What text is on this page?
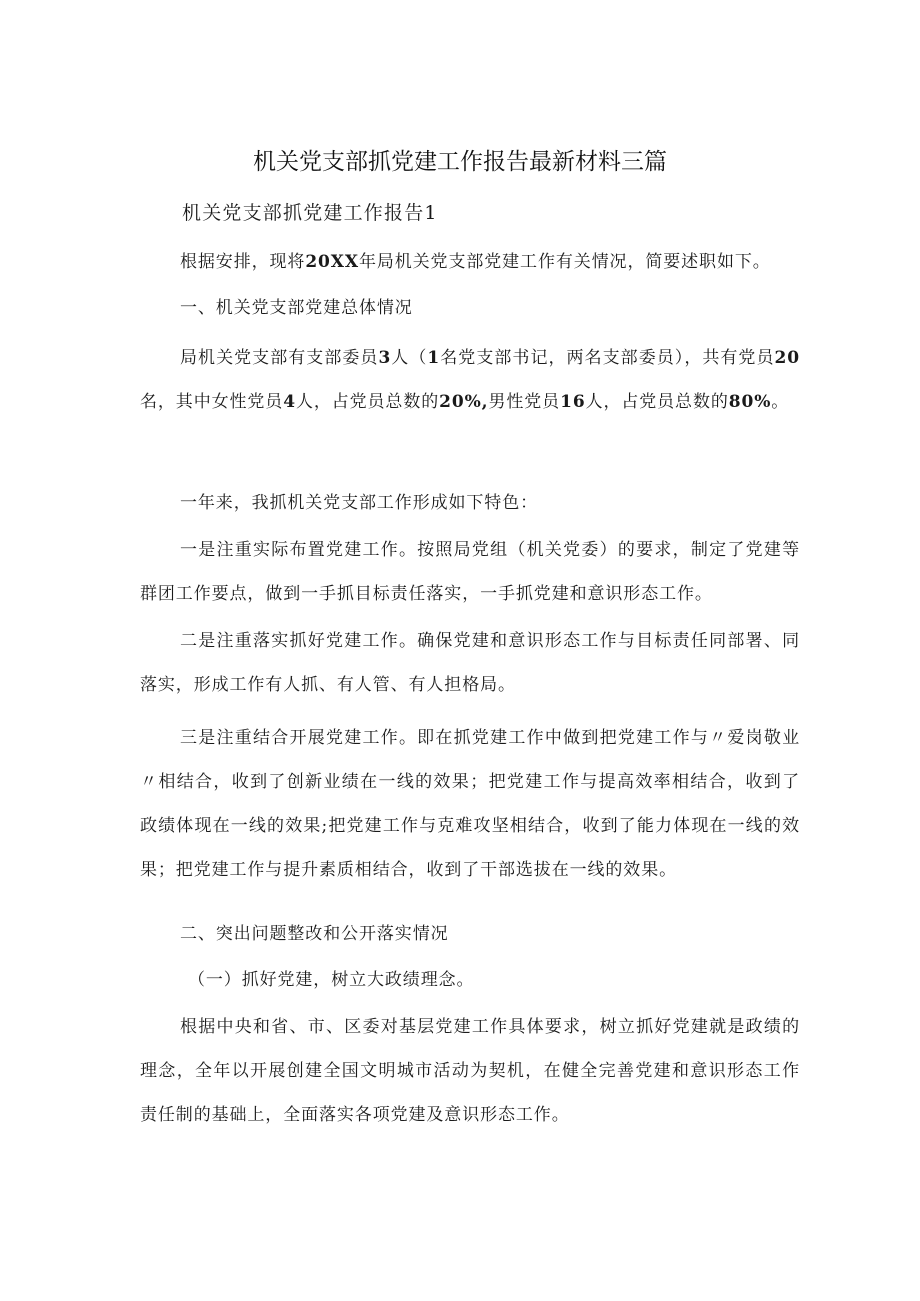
机关党支部抓党建工作报告最新材料三篇
机关党支部抓党建工作报告1

根据安排，现将20XX年局机关党支部党建工作有关情况，简要述职如下。

一、机关党支部党建总体情况

局机关党支部有支部委员3人（1名党支部书记，两名支部委员），共有党员20名，其中女性党员4人，占党员总数的20%,男性党员16人，占党员总数的80%。

一年来，我抓机关党支部工作形成如下特色：

一是注重实际布置党建工作。按照局党组（机关党委）的要求，制定了党建等群团工作要点，做到一手抓目标责任落实，一手抓党建和意识形态工作。

二是注重落实抓好党建工作。确保党建和意识形态工作与目标责任同部署、同落实，形成工作有人抓、有人管、有人担格局。

三是注重结合开展党建工作。即在抓党建工作中做到把党建工作与〃爱岗敬业〃相结合，收到了创新业绩在一线的效果；把党建工作与提高效率相结合，收到了政绩体现在一线的效果;把党建工作与克难攻坚相结合，收到了能力体现在一线的效果；把党建工作与提升素质相结合，收到了干部选拔在一线的效果。

二、突出问题整改和公开落实情况

（一）抓好党建，树立大政绩理念。

根据中央和省、市、区委对基层党建工作具体要求，树立抓好党建就是政绩的理念，全年以开展创建全国文明城市活动为契机，在健全完善党建和意识形态工作责任制的基础上，全面落实各项党建及意识形态工作。
